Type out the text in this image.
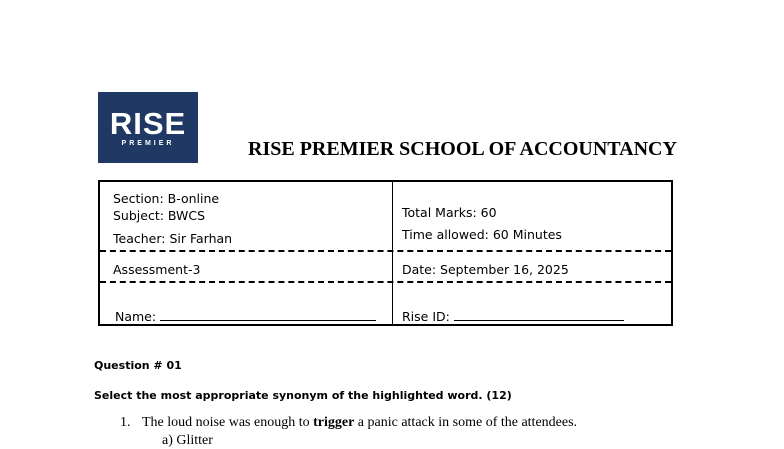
RISE
PREMIER	RISE PREMIER SCHOOL OF ACCOUNTANCY
Section: B-online
Subject: BWCS
Teacher: Sir Farhan
Total Marks: 60
Time allowed: 60 Minutes
Assessment-3	Date: September 16, 2025
Name:	Rise ID:
Question # 01
Select the most appropriate synonym of the highlighted word. (12)
1. The loud noise was enough to trigger a panic attack in some of the attendees.
a) Glitter
